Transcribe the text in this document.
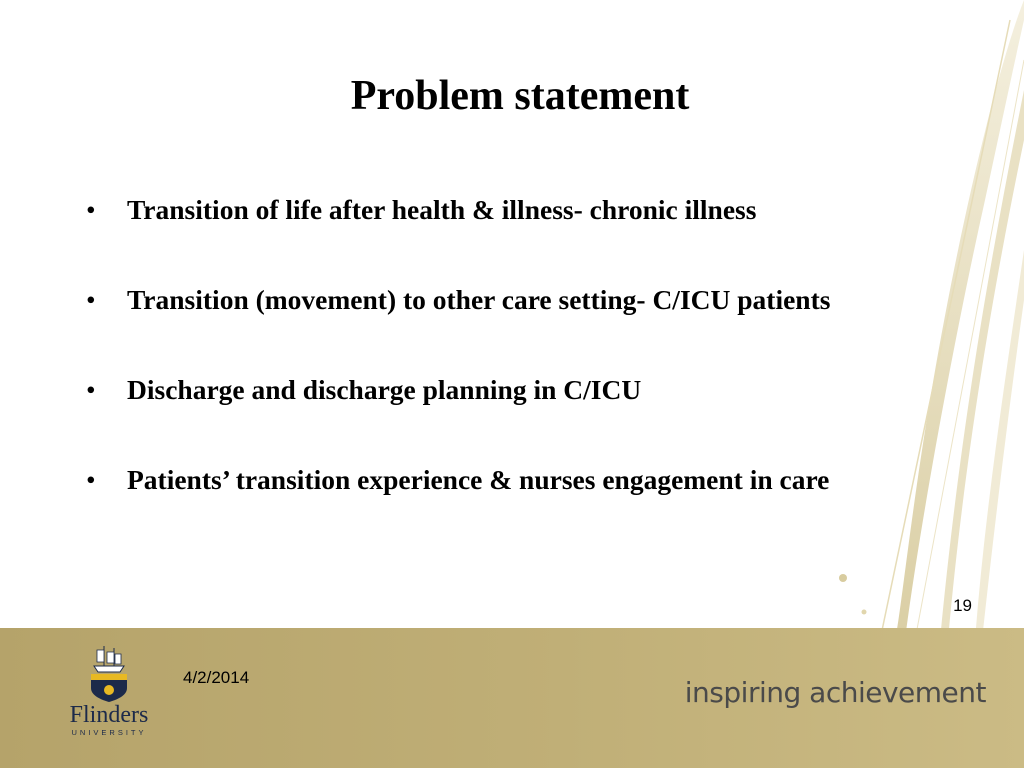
Problem statement
• Transition of life after health & illness- chronic illness
• Transition (movement) to other care setting- C/ICU patients
• Discharge and discharge planning in C/ICU
• Patients’ transition experience & nurses engagement in care
19
Flinders
UNIVERSITY
4/2/2014	inspiring achievement
